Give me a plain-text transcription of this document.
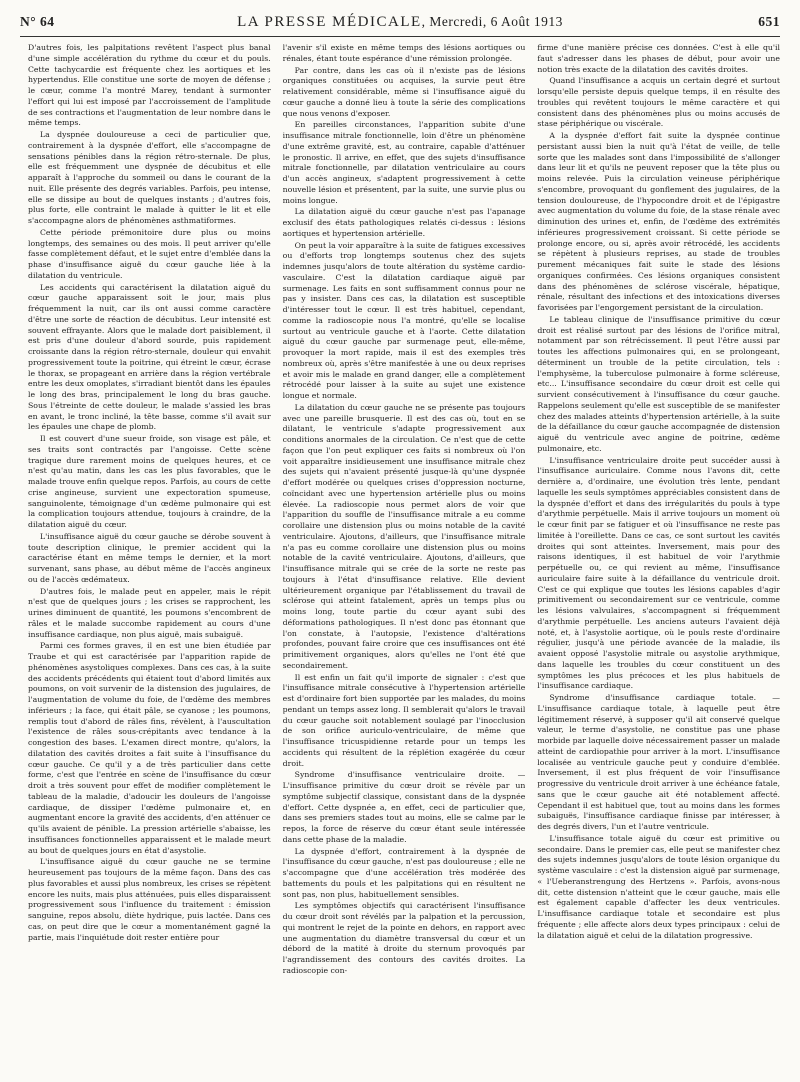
N° 64	LA PRESSE MÉDICALE, Mercredi, 6 Août 1913	651

D'autres fois, les palpitations revêtent l'aspect plus banal d'une simple accélération du rythme du cœur et du pouls. Cette tachycardie est fréquente chez les aortiques et les hypertendus. Elle constitue une sorte de moyen de défense ; le cœur, comme l'a montré Marey, tendant à surmonter l'effort qui lui est imposé par l'accroissement de l'amplitude de ses contractions et l'augmentation de leur nombre dans le même temps.

La dyspnée douloureuse a ceci de particulier que, contrairement à la dyspnée d'effort, elle s'accompagne de sensations pénibles dans la région rétro-sternale. De plus, elle est fréquemment une dyspnée de décubitus et elle apparaît à l'approche du sommeil ou dans le courant de la nuit. Elle présente des degrés variables. Parfois, peu intense, elle se dissipe au bout de quelques instants ; d'autres fois, plus forte, elle contraint le malade à quitter le lit et elle s'accompagne alors de phénomènes asthmatiformes.

Cette période prémonitoire dure plus ou moins longtemps, des semaines ou des mois. Il peut arriver qu'elle fasse complètement défaut, et le sujet entre d'emblée dans la phase d'insuffisance aiguë du cœur gauche liée à la dilatation du ventricule.

Les accidents qui caractérisent la dilatation aiguë du cœur gauche apparaissent soit le jour, mais plus fréquemment la nuit, car ils ont aussi comme caractère d'être une sorte de réaction de décubitus. Leur intensité est souvent effrayante. Alors que le malade dort paisiblement, il est pris d'une douleur d'abord sourde, puis rapidement croissante dans la région rétro-sternale, douleur qui envahit progressivement toute la poitrine, qui étreint le cœur, écrase le thorax, se propageant en arrière dans la région vertébrale entre les deux omoplates, s'irradiant bientôt dans les épaules le long des bras, principalement le long du bras gauche. Sous l'étreinte de cette douleur, le malade s'assied les bras en avant, le tronc incliné, la tête basse, comme s'il avait sur les épaules une chape de plomb.

Il est couvert d'une sueur froide, son visage est pâle, et ses traits sont contractés par l'angoisse. Cette scène tragique dure rarement moins de quelques heures, et ce n'est qu'au matin, dans les cas les plus favorables, que le malade trouve enfin quelque repos. Parfois, au cours de cette crise angineuse, survient une expectoration spumeuse, sanguinolente, témoignage d'un œdème pulmonaire qui est la complication toujours attendue, toujours à craindre, de la dilatation aiguë du cœur.

L'insuffisance aiguë du cœur gauche se dérobe souvent à toute description clinique, le premier accident qui la caractérise étant en même temps le dernier, et la mort survenant, sans phase, au début même de l'accès angineux ou de l'accès œdémateux.

D'autres fois, le malade peut en appeler, mais le répit n'est que de quelques jours ; les crises se rapprochent, les urines diminuent de quantité, les poumons s'encombrent de râles et le malade succombe rapidement au cours d'une insuffisance cardiaque, non plus aiguë, mais subaiguë.

Parmi ces formes graves, il en est une bien étudiée par Traube et qui est caractérisée par l'apparition rapide de phénomènes asystoliques complexes. Dans ces cas, à la suite des accidents précédents qui étaient tout d'abord limités aux poumons, on voit survenir de la distension des jugulaires, de l'augmentation de volume du foie, de l'œdème des membres inférieurs ; la face, qui était pâle, se cyanose ; les poumons, remplis tout d'abord de râles fins, révèlent, à l'auscultation l'existence de râles sous-crépitants avec tendance à la congestion des bases. L'examen direct montre, qu'alors, la dilatation des cavités droites a fait suite à l'insuffisance du cœur gauche. Ce qu'il y a de très particulier dans cette forme, c'est que l'entrée en scène de l'insuffisance du cœur droit a très souvent pour effet de modifier complètement le tableau de la maladie, d'adoucir les douleurs de l'angoisse cardiaque, de dissiper l'œdème pulmonaire et, en augmentant encore la gravité des accidents, d'en atténuer ce qu'ils avaient de pénible. La pression artérielle s'abaisse, les insuffisances fonctionnelles apparaissent et le malade meurt au bout de quelques jours en état d'asystolie.

L'insuffisance aiguë du cœur gauche ne se termine heureusement pas toujours de la même façon. Dans des cas plus favorables et aussi plus nombreux, les crises se répètent encore les nuits, mais plus atténuées, puis elles disparaissent progressivement sous l'influence du traitement : émission sanguine, repos absolu, diète hydrique, puis lactée. Dans ces cas, on peut dire que le cœur a momentanément gagné la partie, mais l'inquiétude doit rester entière pour

l'avenir s'il existe en même temps des lésions aortiques ou rénales, étant toute espérance d'une rémission prolongée.

Par contre, dans les cas où il n'existe pas de lésions organiques constituées ou acquises, la survie peut être relativement considérable, même si l'insuffisance aiguë du cœur gauche a donné lieu à toute la série des complications que nous venons d'exposer.

En pareilles circonstances, l'apparition subite d'une insuffisance mitrale fonctionnelle, loin d'être un phénomène d'une extrême gravité, est, au contraire, capable d'atténuer le pronostic. Il arrive, en effet, que des sujets d'insuffisance mitrale fonctionnelle, par dilatation ventriculaire au cours d'un accès angineux, s'adaptent progressivement à cette nouvelle lésion et présentent, par la suite, une survie plus ou moins longue.

La dilatation aiguë du cœur gauche n'est pas l'apanage exclusif des états pathologiques relatés ci-dessus : lésions aortiques et hypertension artérielle.

On peut la voir apparaître à la suite de fatigues excessives ou d'efforts trop longtemps soutenus chez des sujets indemnes jusqu'alors de toute altération du système cardio-vasculaire. C'est la dilatation cardiaque aiguë par surmenage. Les faits en sont suffisamment connus pour ne pas y insister. Dans ces cas, la dilatation est susceptible d'intéresser tout le cœur. Il est très habituel, cependant, comme la radioscopie nous l'a montré, qu'elle se localise surtout au ventricule gauche et à l'aorte. Cette dilatation aiguë du cœur gauche par surmenage peut, elle-même, provoquer la mort rapide, mais il est des exemples très nombreux où, après s'être manifestée à une ou deux reprises et avoir mis le malade en grand danger, elle a complètement rétrocédé pour laisser à la suite au sujet une existence longue et normale.

La dilatation du cœur gauche ne se présente pas toujours avec une pareille brusquerie. Il est des cas où, tout en se dilatant, le ventricule s'adapte progressivement aux conditions anormales de la circulation. Ce n'est que de cette façon que l'on peut expliquer ces faits si nombreux où l'on voit apparaître insidieusement une insuffisance mitrale chez des sujets qui n'avaient présenté jusque-là qu'une dyspnée d'effort modérée ou quelques crises d'oppression nocturne, coïncidant avec une hypertension artérielle plus ou moins élevée. La radioscopie nous permet alors de voir que l'apparition du souffle de l'insuffisance mitrale a eu comme corollaire une distension plus ou moins notable de la cavité ventriculaire. Ajoutons, d'ailleurs, que l'insuffisance mitrale n'a pas eu comme corollaire une distension plus ou moins notable de la cavité ventriculaire. Ajoutons, d'ailleurs, que l'insuffisance mitrale qui se crée de la sorte ne reste pas toujours à l'état d'insuffisance relative. Elle devient ultérieurement organique par l'établissement du travail de sclérose qui atteint fatalement, après un temps plus ou moins long, toute partie du cœur ayant subi des déformations pathologiques. Il n'est donc pas étonnant que l'on constate, à l'autopsie, l'existence d'altérations profondes, pouvant faire croire que ces insuffisances ont été primitivement organiques, alors qu'elles ne l'ont été que secondairement.

Il est enfin un fait qu'il importe de signaler : c'est que l'insuffisance mitrale consécutive à l'hypertension artérielle est d'ordinaire fort bien supportée par les malades, du moins pendant un temps assez long. Il semblerait qu'alors le travail du cœur gauche soit notablement soulagé par l'inocclusion de son orifice auriculo-ventriculaire, de même que l'insuffisance tricuspidienne retarde pour un temps les accidents qui résultent de la réplétion exagérée du cœur droit.

Syndrome d'insuffisance ventriculaire droite. — L'insuffisance primitive du cœur droit se révèle par un symptôme subjectif classique, consistant dans de la dyspnée d'effort. Cette dyspnée a, en effet, ceci de particulier que, dans ses premiers stades tout au moins, elle se calme par le repos, la force de réserve du cœur étant seule intéressée dans cette phase de la maladie.

La dyspnée d'effort, contrairement à la dyspnée de l'insuffisance du cœur gauche, n'est pas douloureuse ; elle ne s'accompagne que d'une accélération très modérée des battements du pouls et les palpitations qui en résultent ne sont pas, non plus, habituellement sensibles.

Les symptômes objectifs qui caractérisent l'insuffisance du cœur droit sont révélés par la palpation et la percussion, qui montrent le rejet de la pointe en dehors, en rapport avec une augmentation du diamètre transversal du cœur et un débord de la matité à droite du sternum provoqués par l'agrandissement des contours des cavités droites. La radioscopie con-

firme d'une manière précise ces données. C'est à elle qu'il faut s'adresser dans les phases de début, pour avoir une notion très exacte de la dilatation des cavités droites.

Quand l'insuffisance a acquis un certain degré et surtout lorsqu'elle persiste depuis quelque temps, il en résulte des troubles qui revêtent toujours le même caractère et qui consistent dans des phénomènes plus ou moins accusés de stase périphérique ou viscérale.

A la dyspnée d'effort fait suite la dyspnée continue persistant aussi bien la nuit qu'à l'état de veille, de telle sorte que les malades sont dans l'impossibilité de s'allonger dans leur lit et qu'ils ne peuvent reposer que la tête plus ou moins relevée. Puis la circulation veineuse périphérique s'encombre, provoquant du gonflement des jugulaires, de la tension douloureuse, de l'hypocondre droit et de l'épigastre avec augmentation du volume du foie, de la stase rénale avec diminution des urines et, enfin, de l'œdème des extrémités inférieures progressivement croissant. Si cette période se prolonge encore, ou si, après avoir rétrocédé, les accidents se répètent à plusieurs reprises, au stade de troubles purement mécaniques fait suite le stade des lésions organiques confirmées. Ces lésions organiques consistent dans des phénomènes de sclérose viscérale, hépatique, rénale, résultant des infections et des intoxications diverses favorisées par l'engorgement persistant de la circulation.

Le tableau clinique de l'insuffisance primitive du cœur droit est réalisé surtout par des lésions de l'orifice mitral, notamment par son rétrécissement. Il peut l'être aussi par toutes les affections pulmonaires qui, en se prolongeant, déterminent un trouble de la petite circulation, tels : l'emphysème, la tuberculose pulmonaire à forme scléreuse, etc... L'insuffisance secondaire du cœur droit est celle qui survient consécutivement à l'insuffisance du cœur gauche. Rappelons seulement qu'elle est susceptible de se manifester chez des malades atteints d'hypertension artérielle, à la suite de la défaillance du cœur gauche accompagnée de distension aiguë du ventricule avec angine de poitrine, œdème pulmonaire, etc.

L'insuffisance ventriculaire droite peut succéder aussi à l'insuffisance auriculaire. Comme nous l'avons dit, cette dernière a, d'ordinaire, une évolution très lente, pendant laquelle les seuls symptômes appréciables consistent dans de la dyspnée d'effort et dans des irrégularités du pouls à type d'arythmie perpétuelle. Mais il arrive toujours un moment où le cœur finit par se fatiguer et où l'insuffisance ne reste pas limitée à l'oreillette. Dans ce cas, ce sont surtout les cavités droites qui sont atteintes. Inversement, mais pour des raisons identiques, il est habituel de voir l'arythmie perpétuelle ou, ce qui revient au même, l'insuffisance auriculaire faire suite à la défaillance du ventricule droit. C'est ce qui explique que toutes les lésions capables d'agir primitivement ou secondairement sur ce ventricule, comme les lésions valvulaires, s'accompagnent si fréquemment d'arythmie perpétuelle. Les anciens auteurs l'avaient déjà noté, et, à l'asystolie aortique, où le pouls reste d'ordinaire régulier, jusqu'à une période avancée de la maladie, ils avaient opposé l'asystolie mitrale ou asystolie arythmique, dans laquelle les troubles du cœur constituent un des symptômes les plus précoces et les plus habituels de l'insuffisance cardiaque.

Syndrome d'insuffisance cardiaque totale. — L'insuffisance cardiaque totale, à laquelle peut être légitimement réservé, à supposer qu'il ait conservé quelque valeur, le terme d'asystolie, ne constitue pas une phase morbide par laquelle doive nécessairement passer un malade atteint de cardiopathie pour arriver à la mort. L'insuffisance localisée au ventricule gauche peut y conduire d'emblée. Inversement, il est plus fréquent de voir l'insuffisance progressive du ventricule droit arriver à une échéance fatale, sans que le cœur gauche ait été notablement affecté. Cependant il est habituel que, tout au moins dans les formes subaiguës, l'insuffisance cardiaque finisse par intéresser, à des degrés divers, l'un et l'autre ventricule.

L'insuffisance totale aiguë du cœur est primitive ou secondaire. Dans le premier cas, elle peut se manifester chez des sujets indemnes jusqu'alors de toute lésion organique du système vasculaire : c'est la distension aiguë par surmenage, « l'Ueberanstrengung des Hertzens ». Parfois, avons-nous dit, cette distension n'atteint que le cœur gauche, mais elle est également capable d'affecter les deux ventricules. L'insuffisance cardiaque totale et secondaire est plus fréquente ; elle affecte alors deux types principaux : celui de la dilatation aiguë et celui de la dilatation progressive.
